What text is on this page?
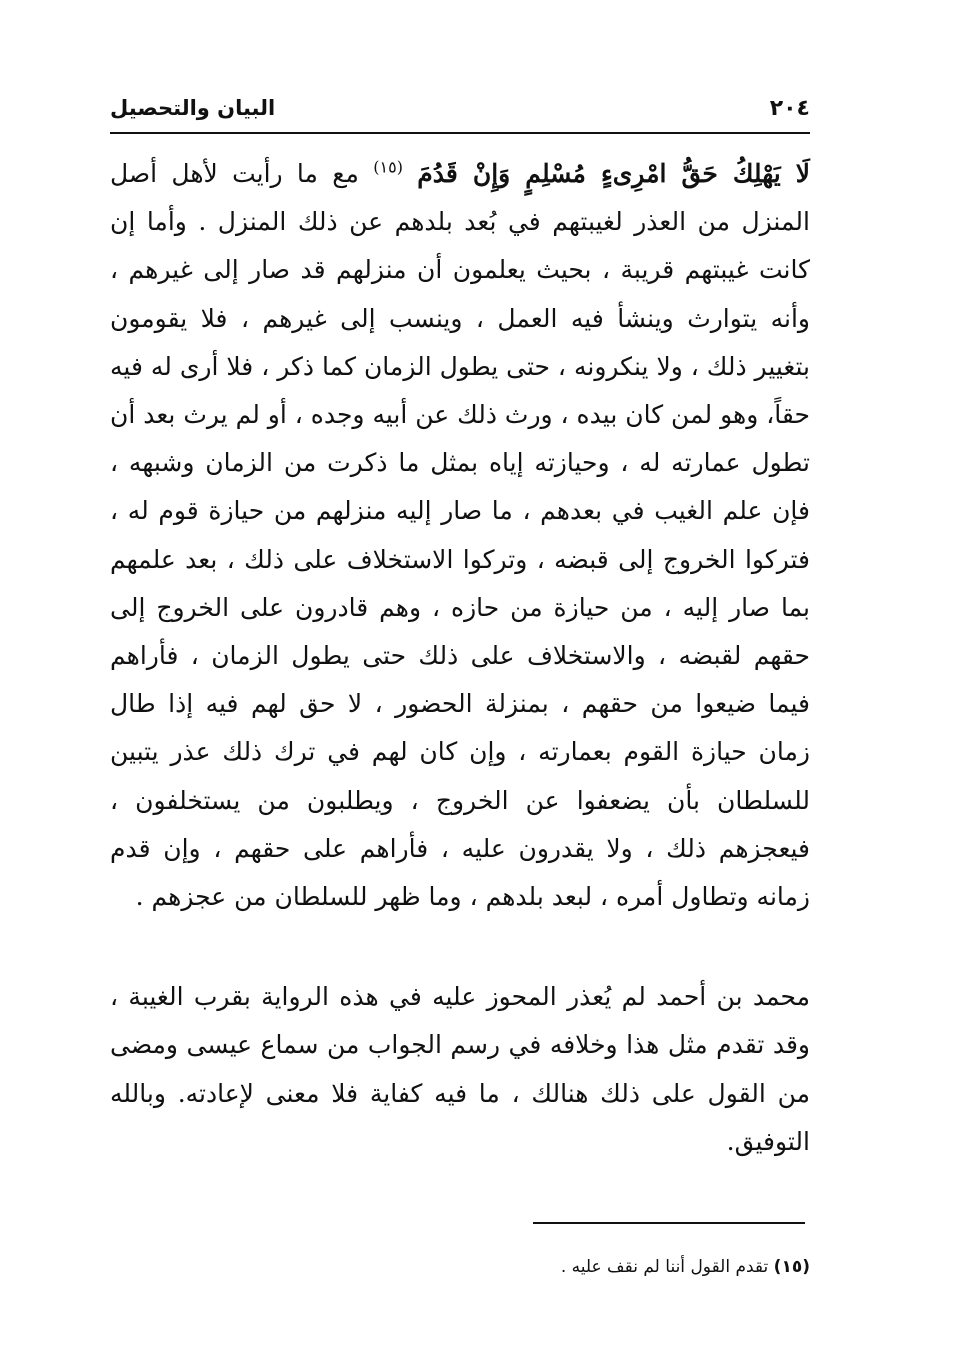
٢٠٤
البيان والتحصيل

لَا يَهْلِكُ حَقُّ امْرِىءٍ مُسْلِمٍ وَإِنْ قَدُمَ $^{(١٥)}$ مع ما رأيت لأهل أصل المنزل من العذر لغيبتهم في بُعد بلدهم عن ذلك المنزل . وأما إن كانت غيبتهم قريبة ، بحيث يعلمون أن منزلهم قد صار إلى غيرهم ، وأنه يتوارث وينشأ فيه العمل ، وينسب إلى غيرهم ، فلا يقومون بتغيير ذلك ، ولا ينكرونه ، حتى يطول الزمان كما ذكر ، فلا أرى له فيه حقاً، وهو لمن كان بيده ، ورث ذلك عن أبيه وجده ، أو لم يرث بعد أن تطول عمارته له ، وحيازته إياه بمثل ما ذكرت من الزمان وشبهه ، فإن علم الغيب في بعدهم ، ما صار إليه منزلهم من حيازة قوم له ، فتركوا الخروج إلى قبضه ، وتركوا الاستخلاف على ذلك ، بعد علمهم بما صار إليه ، من حيازة من حازه ، وهم قادرون على الخروج إلى حقهم لقبضه ، والاستخلاف على ذلك حتى يطول الزمان ، فأراهم فيما ضيعوا من حقهم ، بمنزلة الحضور ، لا حق لهم فيه إذا طال زمان حيازة القوم بعمارته ، وإن كان لهم في ترك ذلك عذر يتبين للسلطان بأن يضعفوا عن الخروج ، ويطلبون من يستخلفون ، فيعجزهم ذلك ، ولا يقدرون عليه ، فأراهم على حقهم ، وإن قدم زمانه وتطاول أمره ، لبعد بلدهم ، وما ظهر للسلطان من عجزهم .

محمد بن أحمد لم يُعذر المحوز عليه في هذه الرواية بقرب الغيبة ، وقد تقدم مثل هذا وخلافه في رسم الجواب من سماع عيسى ومضى من القول على ذلك هنالك ، ما فيه كفاية فلا معنى لإعادته. وبالله التوفيق.

(١٥) تقدم القول أننا لم نقف عليه .
